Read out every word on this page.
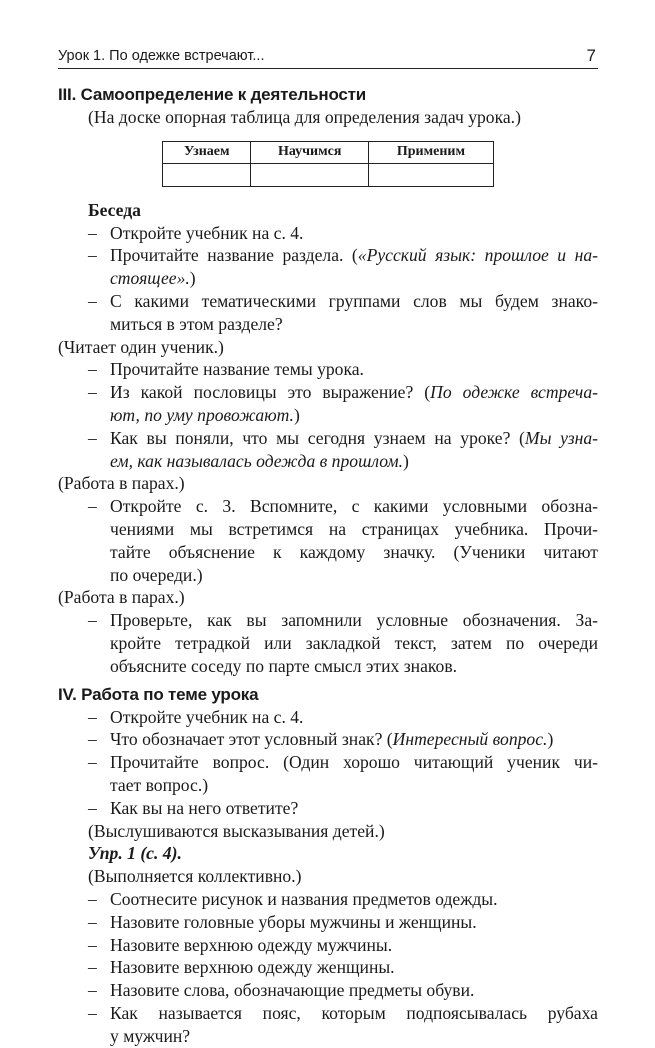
Урок 1. По одежке встречают...	7

III. Самоопределение к деятельности

(На доске опорная таблица для определения задач урока.)

Узнаем	Научимся	Применим

Беседа

– Откройте учебник на с. 4.

– Прочитайте название раздела. («Русский язык: прошлое и на-

стоящее».)

– С какими тематическими группами слов мы будем знако-

миться в этом разделе?

(Читает один ученик.)

– Прочитайте название темы урока.

– Из какой пословицы это выражение? (По одежке встреча-

ют, по уму провожают.)

– Как вы поняли, что мы сегодня узнаем на уроке? (Мы узна-

ем, как называлась одежда в прошлом.)

(Работа в парах.)

– Откройте с. 3. Вспомните, с какими условными обозна-

чениями мы встретимся на страницах учебника. Прочи-

тайте объяснение к каждому значку. (Ученики читают

по очереди.)

(Работа в парах.)

– Проверьте, как вы запомнили условные обозначения. За-

кройте тетрадкой или закладкой текст, затем по очереди

объясните соседу по парте смысл этих знаков.

IV. Работа по теме урока

– Откройте учебник на с. 4.

– Что обозначает этот условный знак? (Интересный вопрос.)

– Прочитайте вопрос. (Один хорошо читающий ученик чи-

тает вопрос.)

– Как вы на него ответите?

(Выслушиваются высказывания детей.)

Упр. 1 (с. 4).

(Выполняется коллективно.)

– Соотнесите рисунок и названия предметов одежды.

– Назовите головные уборы мужчины и женщины.

– Назовите верхнюю одежду мужчины.

– Назовите верхнюю одежду женщины.

– Назовите слова, обозначающие предметы обуви.

– Как называется пояс, которым подпоясывалась рубаха

у мужчин?
